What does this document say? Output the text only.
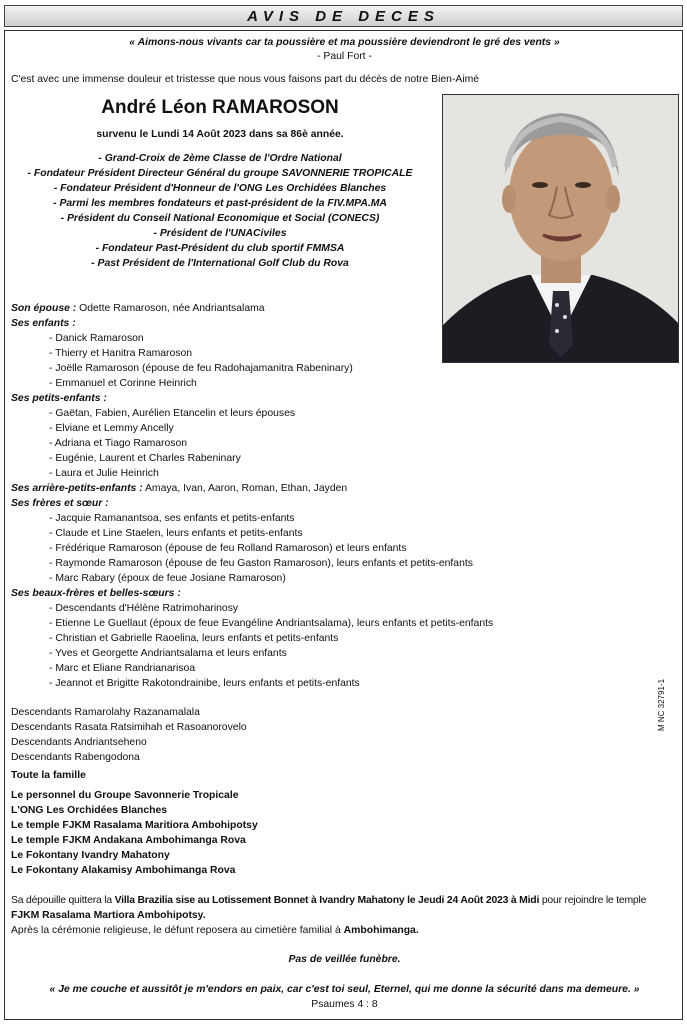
AVIS DE DECES
« Aimons-nous vivants car ta poussière et ma poussière deviendront le gré des vents »
- Paul Fort -
C'est avec une immense douleur et tristesse que nous vous faisons part du décès de notre Bien-Aimé
André Léon RAMAROSON
survenu le Lundi 14 Août 2023 dans sa 86è année.
- Grand-Croix de 2ème Classe de l'Ordre National
- Fondateur Président Directeur Général du groupe SAVONNERIE TROPICALE
- Fondateur Président d'Honneur de l'ONG Les Orchidées Blanches
- Parmi les membres fondateurs et past-président de la FIV.MPA.MA
- Président du Conseil National Economique et Social (CONECS)
- Président de l'UNACiviles
- Fondateur Past-Président du club sportif FMMSA
- Past Président de l'International Golf Club du Rova
Son épouse : Odette Ramaroson, née Andriantsalama
Ses enfants :
- Danick Ramaroson
- Thierry et Hanitra Ramaroson
- Joëlle Ramaroson (épouse de feu Radohajamanitra Rabeninary)
- Emmanuel et Corinne Heinrich
Ses petits-enfants :
- Gaëtan, Fabien, Aurélien Etancelin et leurs épouses
- Elviane et Lemmy Ancelly
- Adriana et Tiago Ramaroson
- Eugénie, Laurent et Charles Rabeninary
- Laura et Julie Heinrich
Ses arrière-petits-enfants : Amaya, Ivan, Aaron, Roman, Ethan, Jayden
Ses frères et sœur :
- Jacquie Ramanantsoa, ses enfants et petits-enfants
- Claude et Line Staelen, leurs enfants et petits-enfants
- Frédérique Ramaroson (épouse de feu Rolland Ramaroson) et leurs enfants
- Raymonde Ramaroson (épouse de feu Gaston Ramaroson), leurs enfants et petits-enfants
- Marc Rabary (époux de feue Josiane Ramaroson)
Ses beaux-frères et belles-sœurs :
- Descendants d'Hélène Ratrimoharinosy
- Etienne Le Guellaut (époux de feue Evangéline Andriantsalama), leurs enfants et petits-enfants
- Christian et Gabrielle Raoelina, leurs enfants et petits-enfants
- Yves et Georgette Andriantsalama et leurs enfants
- Marc et Eliane Randrianarisoa
- Jeannot et Brigitte Rakotondrainibe, leurs enfants et petits-enfants
Descendants Ramarolahy Razanamalala
Descendants Rasata Ratsimihah et Rasoanorovelo
Descendants Andriantseheno
Descendants Rabengodona
Toute la famille
Le personnel du Groupe Savonnerie Tropicale
L'ONG Les Orchidées Blanches
Le temple FJKM Rasalama Maritiora Ambohipotsy
Le temple FJKM Andakana Ambohimanga Rova
Le Fokontany Ivandry Mahatony
Le Fokontany Alakamisy Ambohimanga Rova
Sa dépouille quittera la Villa Brazilia sise au Lotissement Bonnet à Ivandry Mahatony le Jeudi 24 Août 2023 à Midi pour rejoindre le temple
FJKM Rasalama Martiora Ambohipotsy.
Après la cérémonie religieuse, le défunt reposera au cimetière familial à Ambohimanga.
Pas de veillée funèbre.
« Je me couche et aussitôt je m'endors en paix, car c'est toi seul, Eternel, qui me donne la sécurité dans ma demeure. »
Psaumes 4 : 8
M NC 32791-1
